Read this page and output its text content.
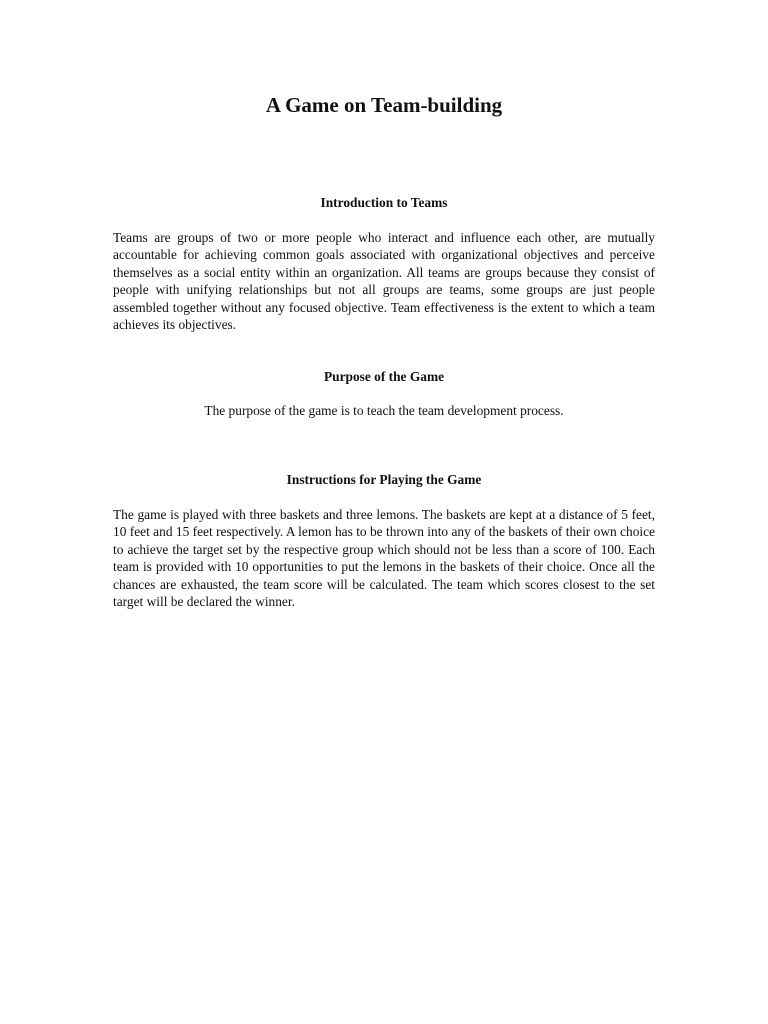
A Game on Team-building
Introduction to Teams

Teams are groups of two or more people who interact and influence each other, are mutually accountable for achieving common goals associated with organizational objectives and perceive themselves as a social entity within an organization. All teams are groups because they consist of people with unifying relationships but not all groups are teams, some groups are just people assembled together without any focused objective. Team effectiveness is the extent to which a team achieves its objectives.

Purpose of the Game

The purpose of the game is to teach the team development process.

Instructions for Playing the Game

The game is played with three baskets and three lemons. The baskets are kept at a distance of 5 feet, 10 feet and 15 feet respectively. A lemon has to be thrown into any of the baskets of their own choice to achieve the target set by the respective group which should not be less than a score of 100. Each team is provided with 10 opportunities to put the lemons in the baskets of their choice. Once all the chances are exhausted, the team score will be calculated. The team which scores closest to the set target will be declared the winner.
